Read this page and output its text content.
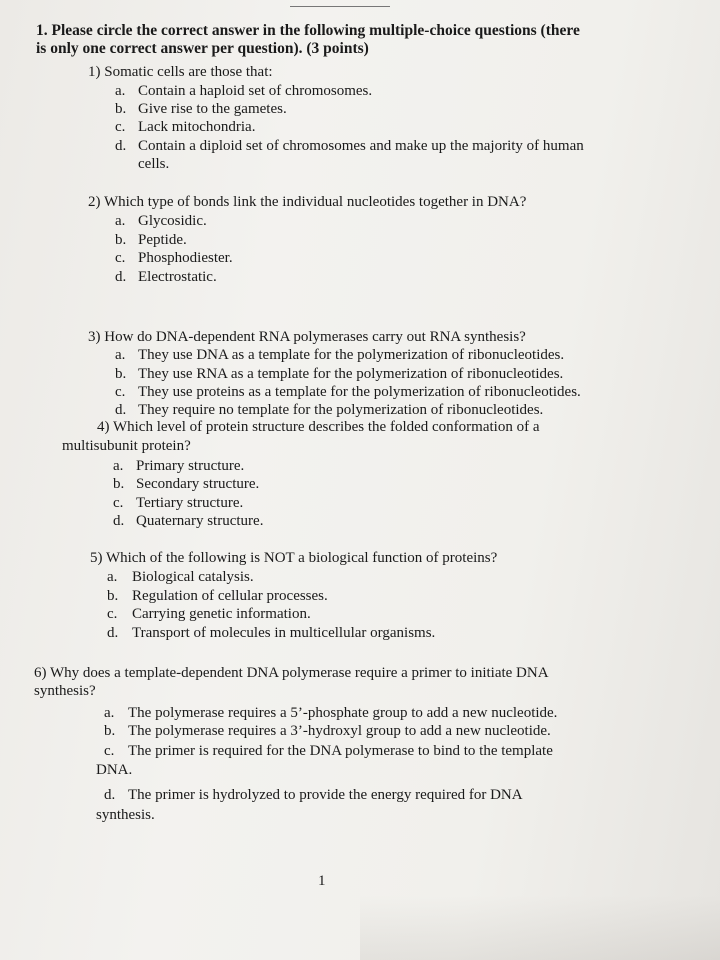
1. Please circle the correct answer in the following multiple-choice questions (there
is only one correct answer per question). (3 points)
1) Somatic cells are those that:
a. Contain a haploid set of chromosomes.
b. Give rise to the gametes.
c. Lack mitochondria.
d. Contain a diploid set of chromosomes and make up the majority of human
cells.
2) Which type of bonds link the individual nucleotides together in DNA?
a. Glycosidic.
b. Peptide.
c. Phosphodiester.
d. Electrostatic.
3) How do DNA-dependent RNA polymerases carry out RNA synthesis?
a. They use DNA as a template for the polymerization of ribonucleotides.
b. They use RNA as a template for the polymerization of ribonucleotides.
c. They use proteins as a template for the polymerization of ribonucleotides.
d. They require no template for the polymerization of ribonucleotides.
4) Which level of protein structure describes the folded conformation of a
multisubunit protein?
a. Primary structure.
b. Secondary structure.
c. Tertiary structure.
d. Quaternary structure.
5) Which of the following is NOT a biological function of proteins?
a. Biological catalysis.
b. Regulation of cellular processes.
c. Carrying genetic information.
d. Transport of molecules in multicellular organisms.
6) Why does a template-dependent DNA polymerase require a primer to initiate DNA
synthesis?
a. The polymerase requires a 5’-phosphate group to add a new nucleotide.
b. The polymerase requires a 3’-hydroxyl group to add a new nucleotide.
c. The primer is required for the DNA polymerase to bind to the template
DNA.
d. The primer is hydrolyzed to provide the energy required for DNA
synthesis.
1
